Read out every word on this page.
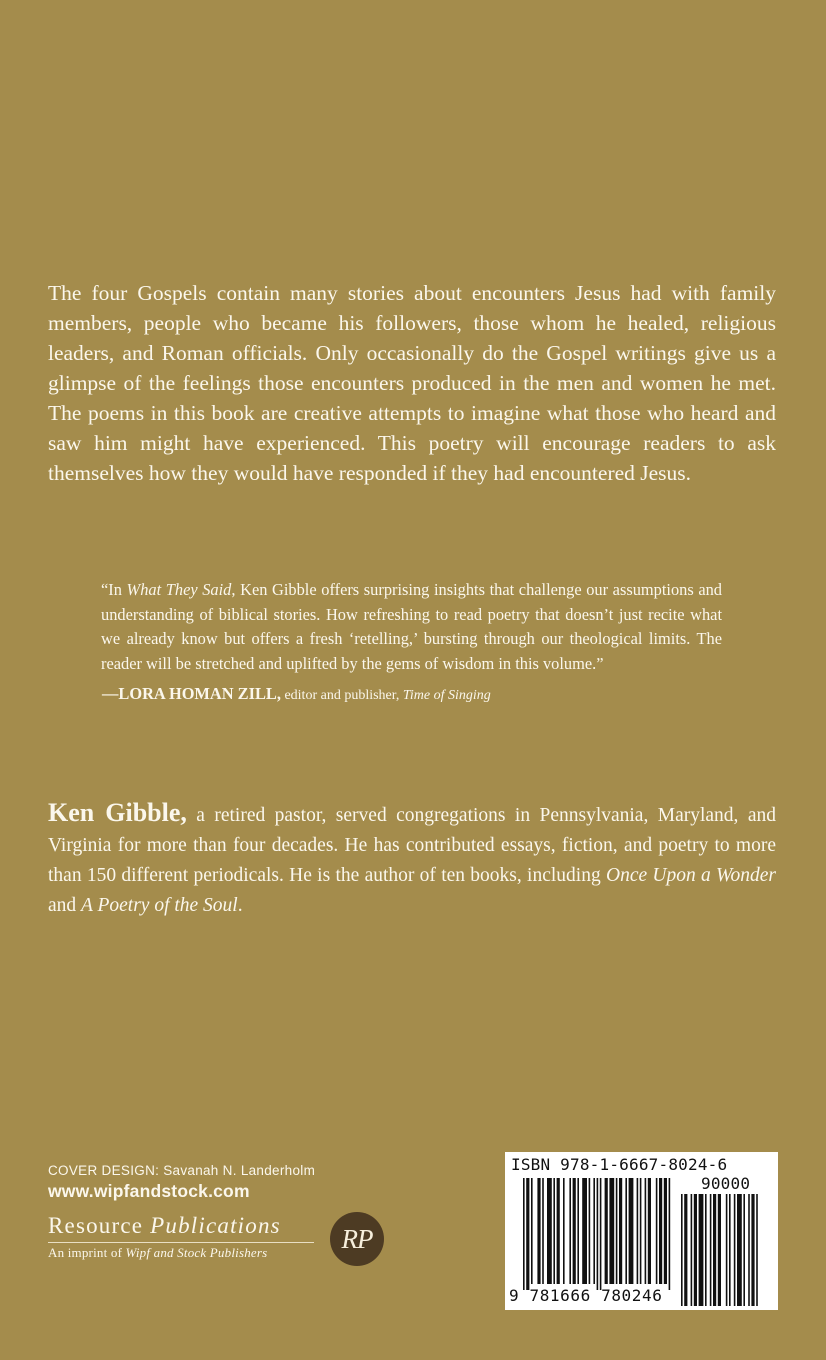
The four Gospels contain many stories about encounters Jesus had with family members, people who became his followers, those whom he healed, religious leaders, and Roman officials. Only occasionally do the Gospel writings give us a glimpse of the feelings those encounters produced in the men and women he met. The poems in this book are creative attempts to imagine what those who heard and saw him might have experienced. This poetry will encourage readers to ask themselves how they would have responded if they had encountered Jesus.

“In What They Said, Ken Gibble offers surprising insights that challenge our assumptions and understanding of biblical stories. How refreshing to read poetry that doesn’t just recite what we already know but offers a fresh ‘retelling,’ bursting through our theological limits. The reader will be stretched and uplifted by the gems of wisdom in this volume.”

—LORA HOMAN ZILL, editor and publisher, Time of Singing

Ken Gibble, a retired pastor, served congregations in Pennsylvania, Maryland, and Virginia for more than four decades. He has contributed essays, fiction, and poetry to more than 150 different periodicals. He is the author of ten books, including Once Upon a Wonder and A Poetry of the Soul.

COVER DESIGN: Savanah N. Landerholm
www.wipfandstock.com
Resource Publications
An imprint of Wipf and Stock Publishers	RP
ISBN 978-1-6667-8024-6
90000
9 781666 780246
